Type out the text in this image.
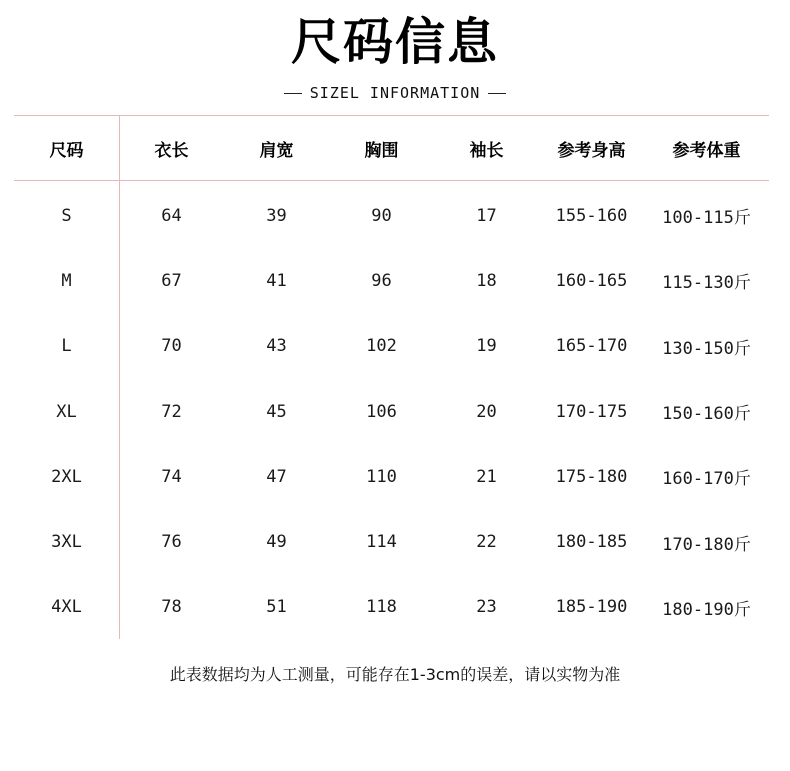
尺码信息
SIZEL INFORMATION
尺码	衣长	肩宽	胸围	袖长	参考身高	参考体重
S	64	39	90	17	155-160	100-115斤
M	67	41	96	18	160-165	115-130斤
L	70	43	102	19	165-170	130-150斤
XL	72	45	106	20	170-175	150-160斤
2XL	74	47	110	21	175-180	160-170斤
3XL	76	49	114	22	180-185	170-180斤
4XL	78	51	118	23	185-190	180-190斤
此表数据均为人工测量，可能存在1-3cm的误差，请以实物为准
